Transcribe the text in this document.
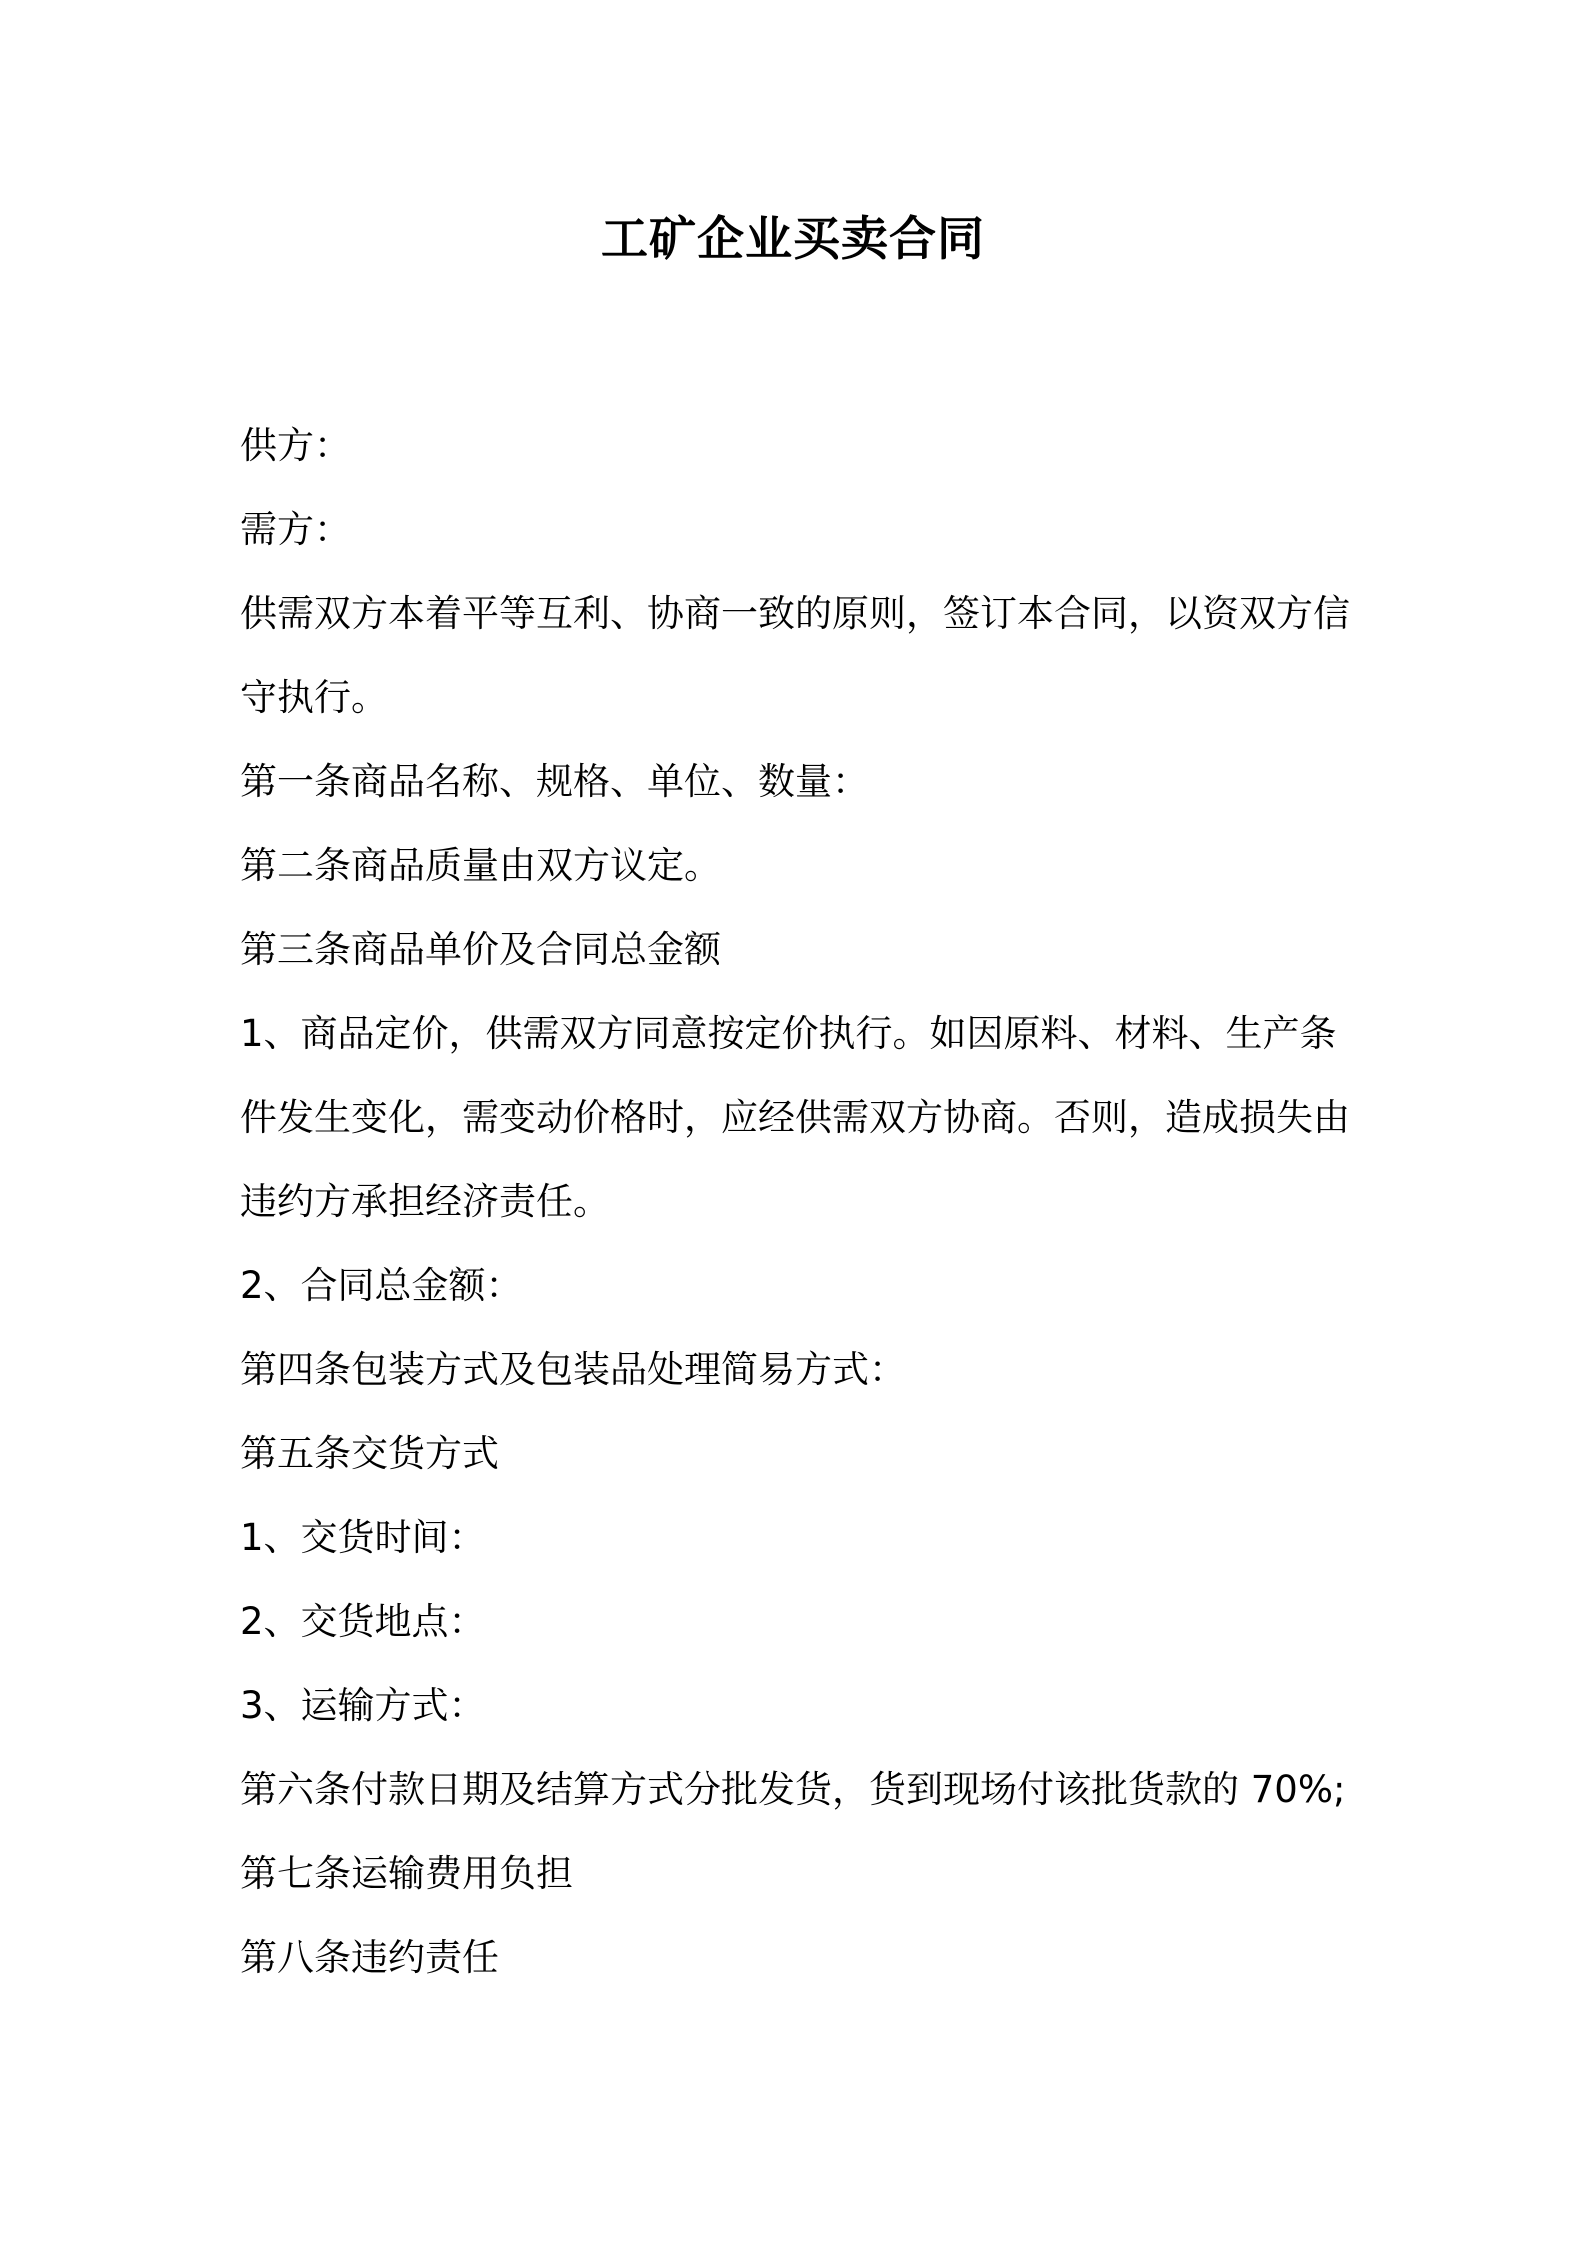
工矿企业买卖合同

供方：

需方：

供需双方本着平等互利、协商一致的原则，签订本合同，以资双方信守执行。

第一条商品名称、规格、单位、数量：

第二条商品质量由双方议定。

第三条商品单价及合同总金额

1、商品定价，供需双方同意按定价执行。如因原料、材料、生产条件发生变化，需变动价格时，应经供需双方协商。否则，造成损失由违约方承担经济责任。

2、合同总金额：

第四条包装方式及包装品处理简易方式：

第五条交货方式

1、交货时间：

2、交货地点：

3、运输方式：

第六条付款日期及结算方式分批发货，货到现场付该批货款的 70%;

第七条运输费用负担

第八条违约责任
